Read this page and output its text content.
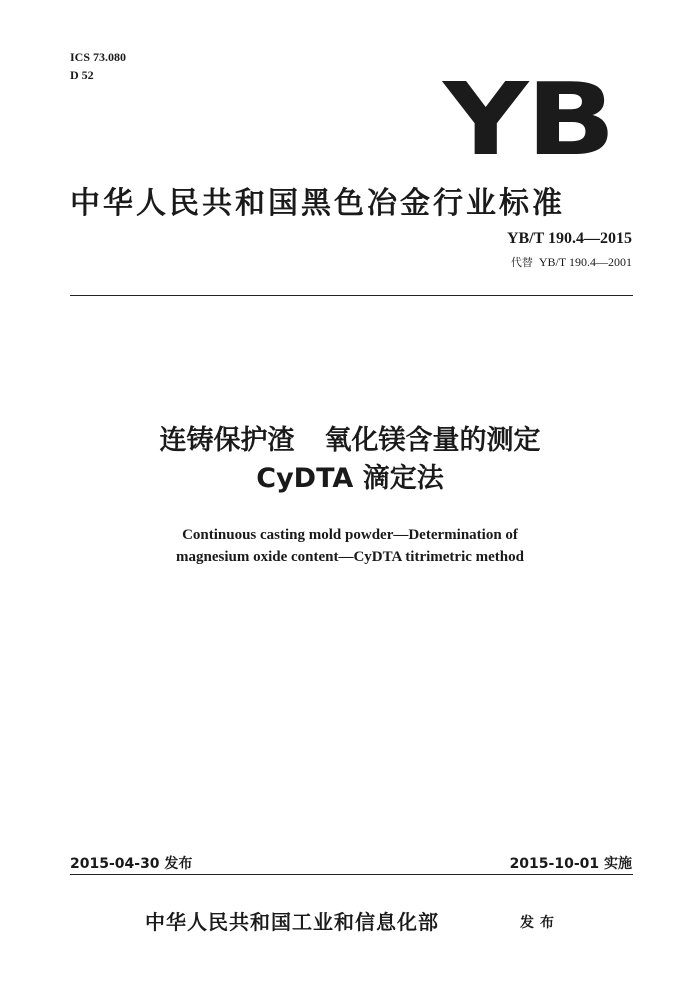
ICS 73.080
D 52	YB
中华人民共和国黑色冶金行业标准
YB/T 190.4—2015
代替 YB/T 190.4—2001
连铸保护渣 氧化镁含量的测定
CyDTA 滴定法
Continuous casting mold powder—Determination of
magnesium oxide content—CyDTA titrimetric method
2015-04-30 发布	2015-10-01 实施
中华人民共和国工业和信息化部	发布
